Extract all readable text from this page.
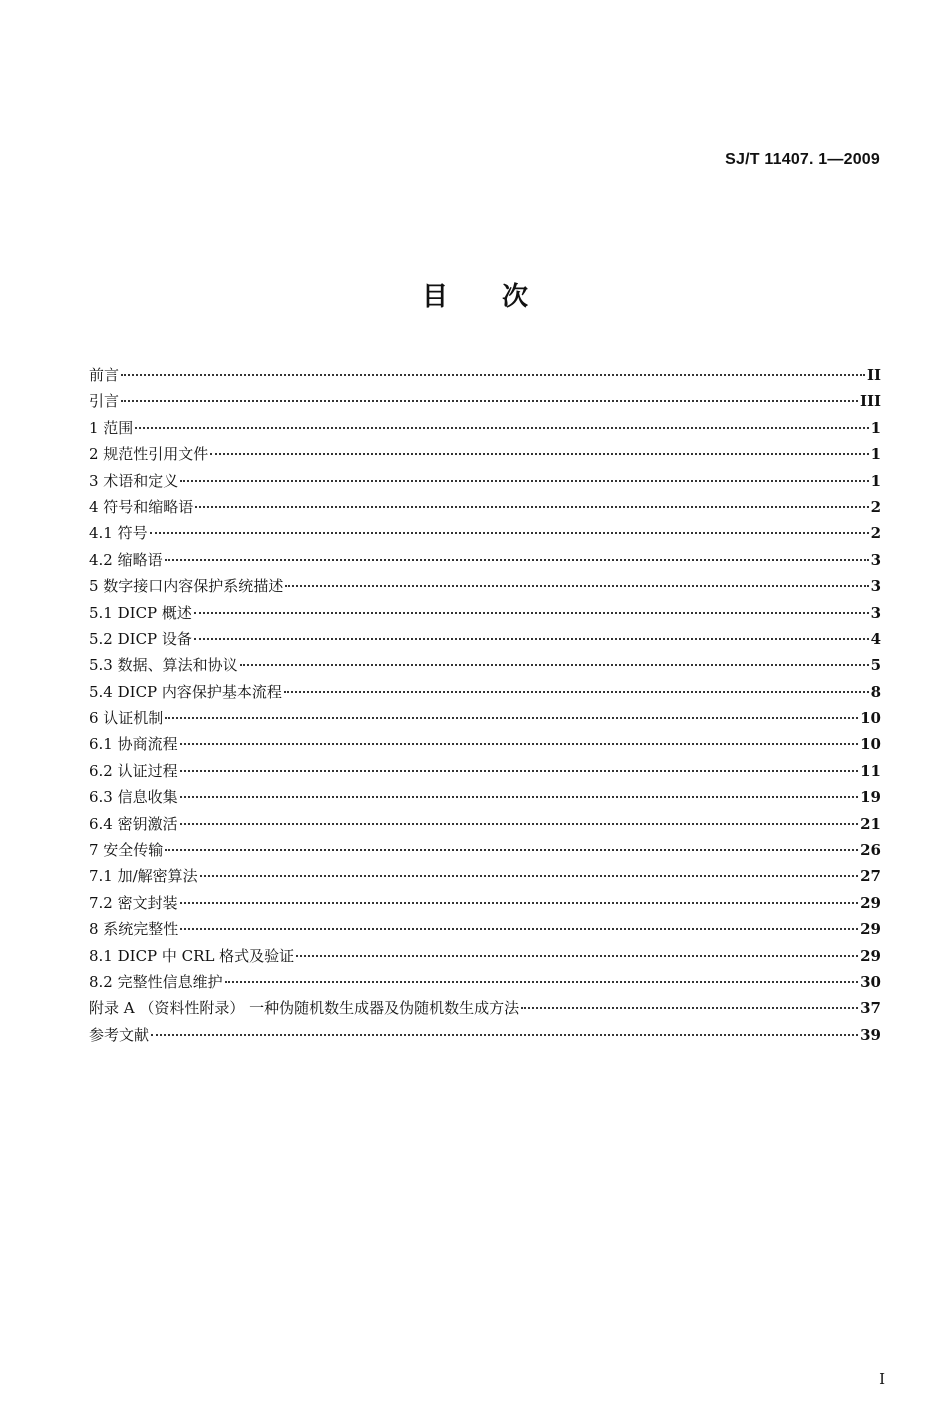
SJ/T 11407. 1—2009
目次
前言	II
引言	III
1 范围	1
2 规范性引用文件	1
3 术语和定义	1
4 符号和缩略语	2
4.1 符号	2
4.2 缩略语	3
5 数字接口内容保护系统描述	3
5.1 DICP 概述	3
5.2 DICP 设备	4
5.3 数据、算法和协议	5
5.4 DICP 内容保护基本流程	8
6 认证机制	10
6.1 协商流程	10
6.2 认证过程	11
6.3 信息收集	19
6.4 密钥激活	21
7 安全传输	26
7.1 加/解密算法	27
7.2 密文封装	29
8 系统完整性	29
8.1 DICP 中 CRL 格式及验证	29
8.2 完整性信息维护	30
附录 A （资料性附录） 一种伪随机数生成器及伪随机数生成方法	37
参考文献	39
I
